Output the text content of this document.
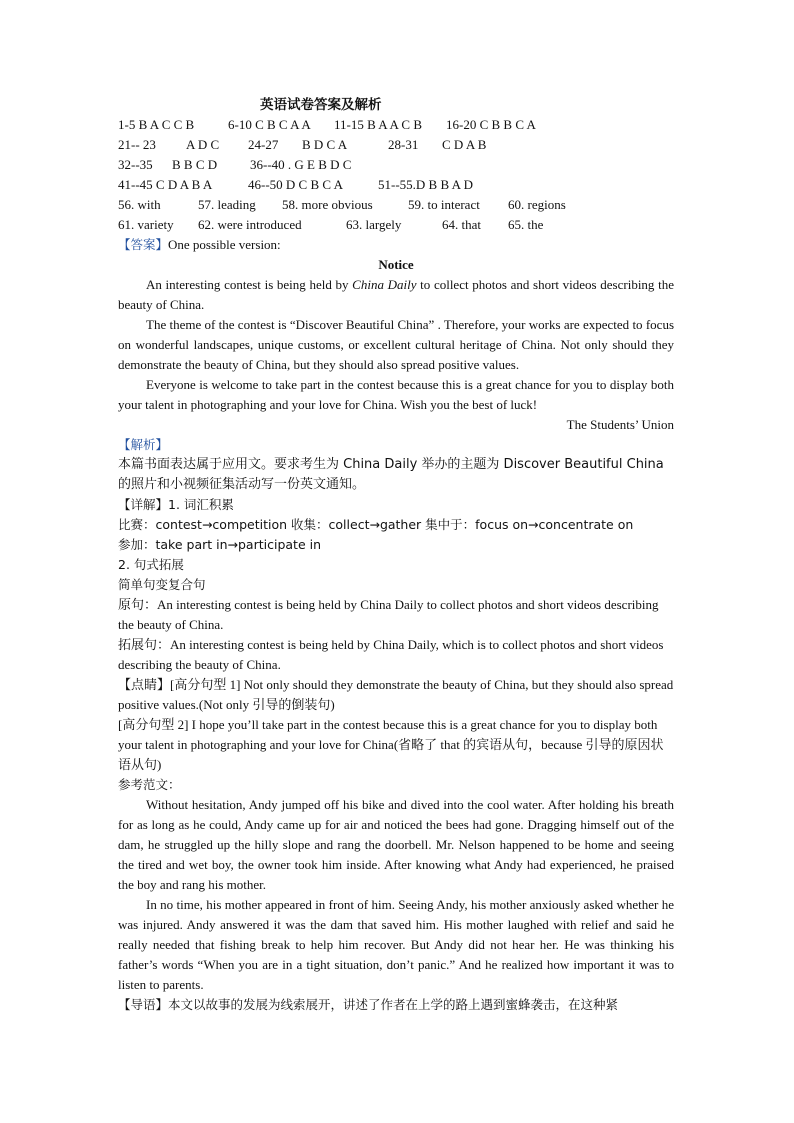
英语试卷答案及解析
1-5 B A C C B	6-10 C B C A A 11-15 B A A C B 16-20 C B B C A
21-- 23 A D C 24-27 B D C A	28-31 C D A B
32--35 B B C D	36--40 . G E B D C
41--45 C D A B A	46--50 D C B C A	51--55.D B B A D
56. with	57. leading 58. more obvious	59. to interact 60. regions
61. variety 62. were introduced	63. largely	64. that 65. the
【答案】One possible version:
Notice
An interesting contest is being held by China Daily to collect photos and short videos describing the beauty of China.
The theme of the contest is “Discover Beautiful China” . Therefore, your works are expected to focus on wonderful landscapes, unique customs, or excellent cultural heritage of China. Not only should they demonstrate the beauty of China, but they should also spread positive values.
Everyone is welcome to take part in the contest because this is a great chance for you to display both your talent in photographing and your love for China. Wish you the best of luck!
The Students’ Union
【解析】
本篇书面表达属于应用文。要求考生为 China Daily 举办的主题为 Discover Beautiful China 的照片和小视频征集活动写一份英文通知。
【详解】1. 词汇积累
比赛：contest→competition 收集：collect→gather 集中于：focus on→concentrate on
参加：take part in→participate in
2. 句式拓展
简单句变复合句
原句：An interesting contest is being held by China Daily to collect photos and short videos describing the beauty of China.
拓展句：An interesting contest is being held by China Daily, which is to collect photos and short videos describing the beauty of China.
【点睛】[高分句型 1] Not only should they demonstrate the beauty of China, but they should also spread positive values.(Not only 引导的倒装句)
[高分句型 2] I hope you’ll take part in the contest because this is a great chance for you to display both your talent in photographing and your love for China(省略了 that 的宾语从句，because 引导的原因状语从句)
参考范文：
Without hesitation, Andy jumped off his bike and dived into the cool water. After holding his breath for as long as he could, Andy came up for air and noticed the bees had gone. Dragging himself out of the dam, he struggled up the hilly slope and rang the doorbell. Mr. Nelson happened to be home and seeing the tired and wet boy, the owner took him inside. After knowing what Andy had experienced, he praised the boy and rang his mother.
In no time, his mother appeared in front of him. Seeing Andy, his mother anxiously asked whether he was injured. Andy answered it was the dam that saved him. His mother laughed with relief and said he really needed that fishing break to help him recover. But Andy did not hear her. He was thinking his father’s words “When you are in a tight situation, don’t panic.” And he realized how important it was to listen to parents.
【导语】本文以故事的发展为线索展开，讲述了作者在上学的路上遇到蜜蜂袭击，在这种紧
